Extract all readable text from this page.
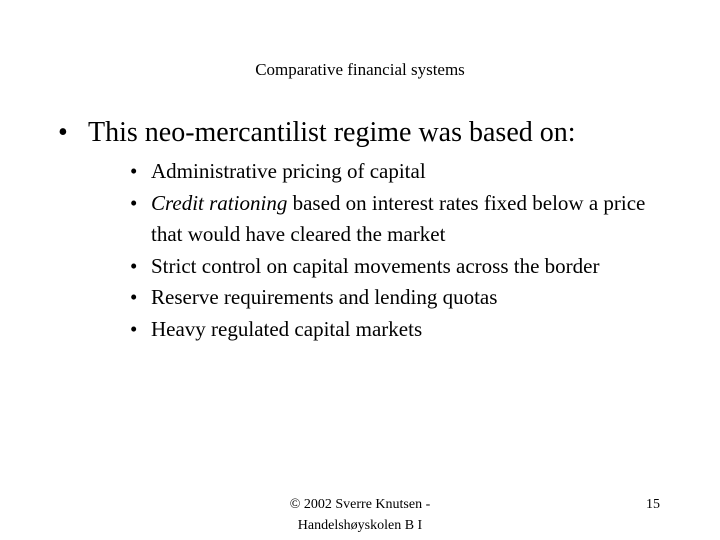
Comparative financial systems
• This neo-mercantilist regime was based on:
• Administrative pricing of capital
• Credit rationing based on interest rates fixed below a price that would have cleared the market
• Strict control on capital movements across the border
• Reserve requirements and lending quotas
• Heavy regulated capital markets
© 2002 Sverre Knutsen -
Handelshøyskolen B I
15
